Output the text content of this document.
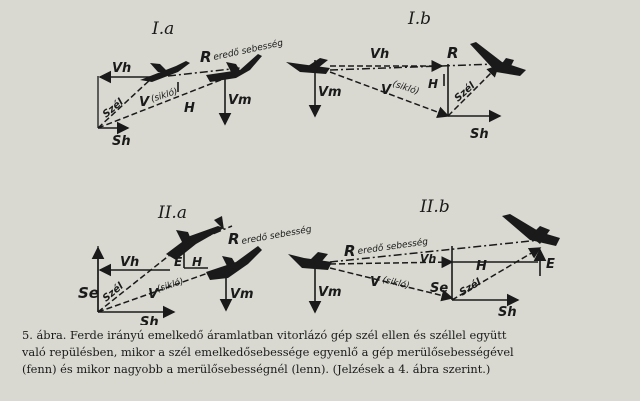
I.a
Vh
R eredő sebesség
Szél V (sikló)
H
Vm
Sh
I.b
Vh	R
Vm	V (sikló) H Szél
Sh
II.a
Vh
Se Szél V
(sikló)
E H
R eredő sebesség
Vm
Sh
II.b
R eredő sebesség
Vh
H
Vm
V (sikló) Se Szél
E
Sh
5. ábra. Ferde irányú emelkedő áramlatban vitorlázó gép szél ellen és széllel együtt
való repülésben, mikor a szél emelkedősebessége egyenlő a gép merülősebességével
(fenn) és mikor nagyobb a merülősebességnél (lenn). (Jelzések a 4. ábra szerint.)
